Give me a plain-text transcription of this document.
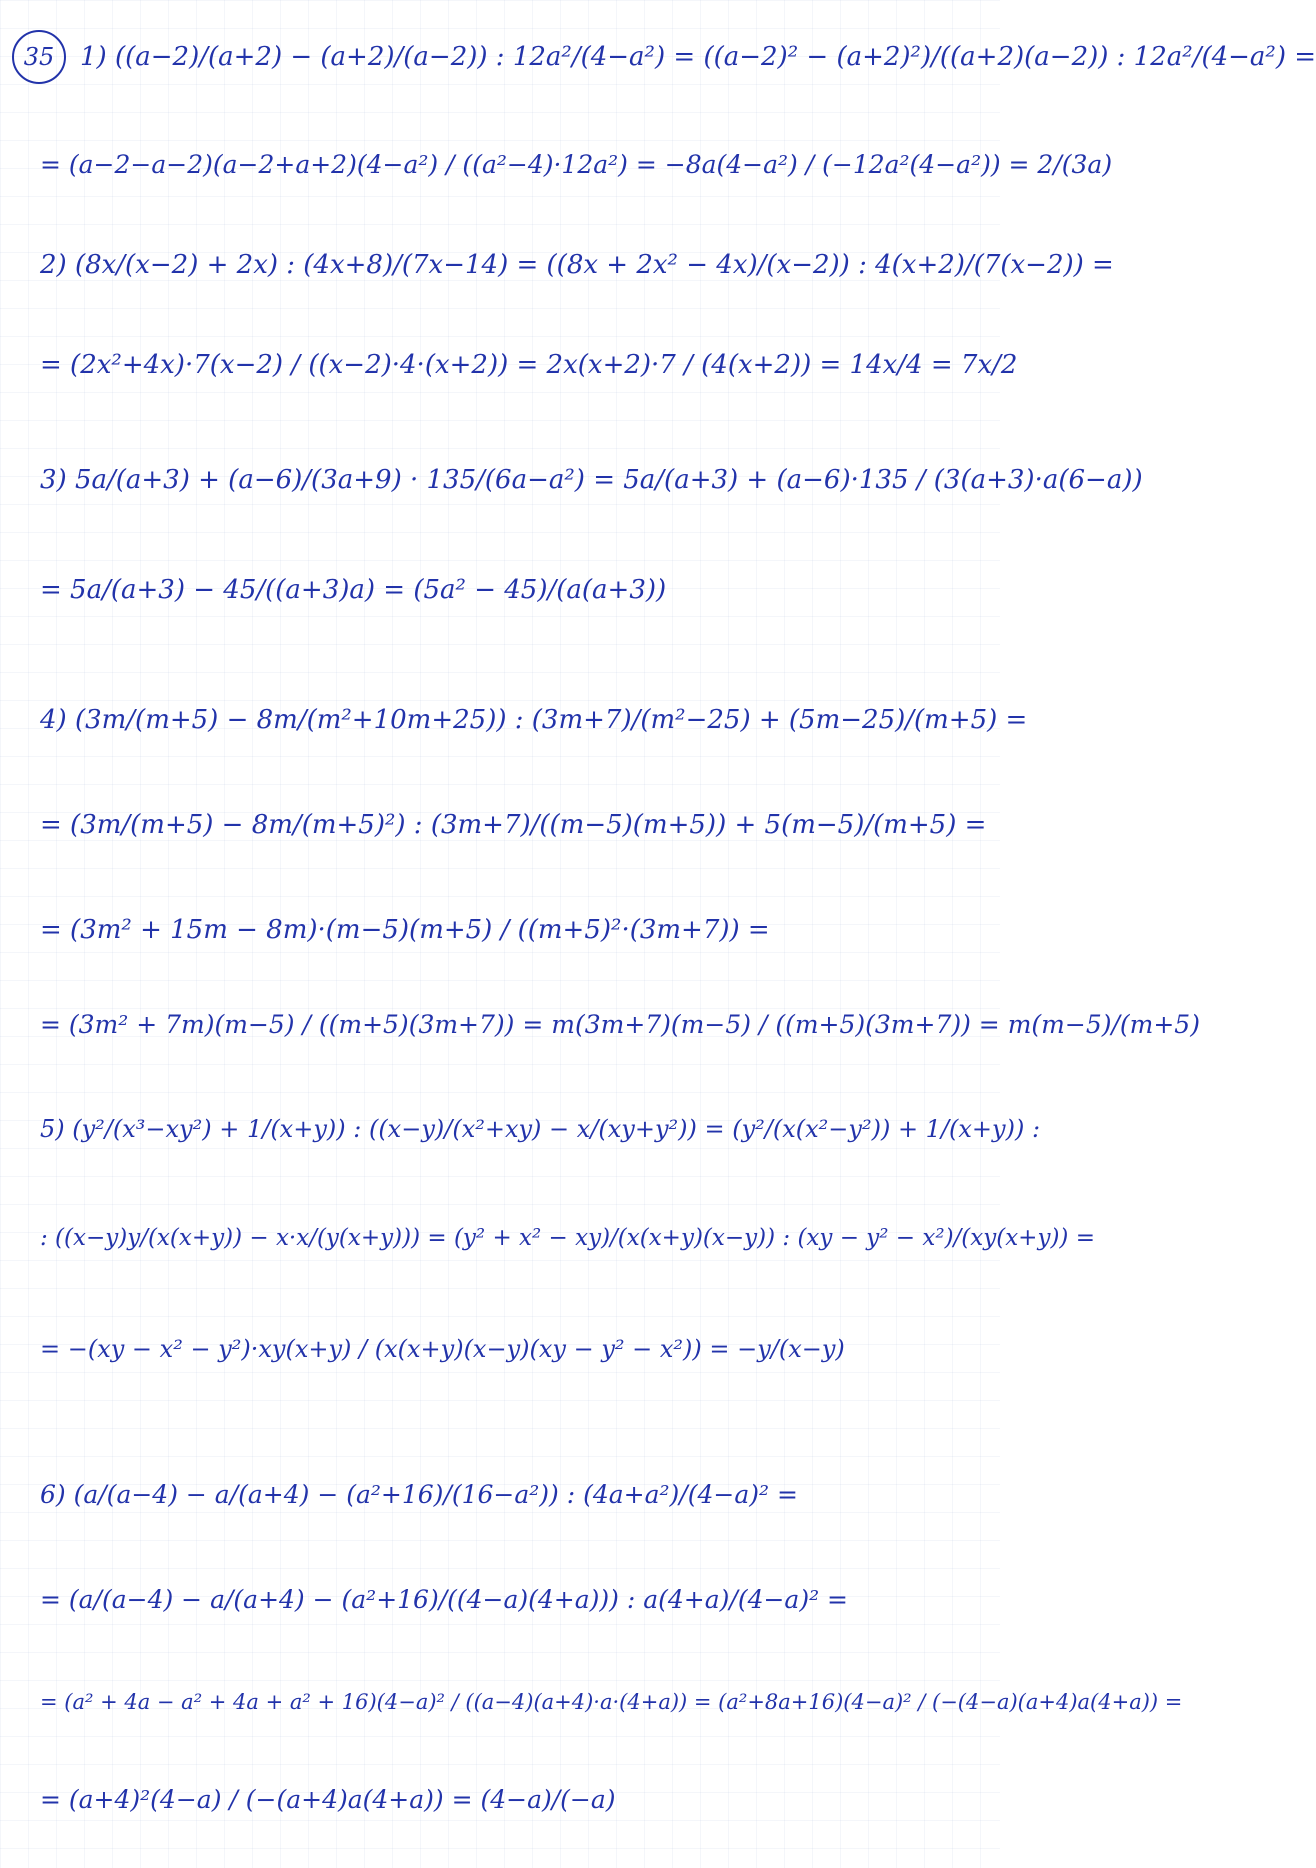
35 1) ((a−2)/(a+2) − (a+2)/(a−2)) : 12a²/(4−a²) = ((a−2)² − (a+2)²)/((a+2)(a−2)) : 12a²/(4−a²) =
= (a−2−a−2)(a−2+a+2)(4−a²) / ((a²−4)·12a²) = −8a(4−a²) / (−12a²(4−a²)) = 2/(3a)
2) (8x/(x−2) + 2x) : (4x+8)/(7x−14) = ((8x + 2x² − 4x)/(x−2)) : 4(x+2)/(7(x−2)) =
= (2x²+4x)·7(x−2) / ((x−2)·4·(x+2)) = 2x(x+2)·7 / (4(x+2)) = 14x/4 = 7x/2
3) 5a/(a+3) + (a−6)/(3a+9) · 135/(6a−a²) = 5a/(a+3) + (a−6)·135 / (3(a+3)·a(6−a))
= 5a/(a+3) − 45/((a+3)a) = (5a² − 45)/(a(a+3))
4) (3m/(m+5) − 8m/(m²+10m+25)) : (3m+7)/(m²−25) + (5m−25)/(m+5) =
= (3m/(m+5) − 8m/(m+5)²) : (3m+7)/((m−5)(m+5)) + 5(m−5)/(m+5) =
= (3m² + 15m − 8m)·(m−5)(m+5) / ((m+5)²·(3m+7)) =
= (3m² + 7m)(m−5) / ((m+5)(3m+7)) = m(3m+7)(m−5) / ((m+5)(3m+7)) = m(m−5)/(m+5)
5) (y²/(x³−xy²) + 1/(x+y)) : ((x−y)/(x²+xy) − x/(xy+y²)) = (y²/(x(x²−y²)) + 1/(x+y)) :
: ((x−y)y/(x(x+y)) − x·x/(y(x+y))) = (y² + x² − xy)/(x(x+y)(x−y)) : (xy − y² − x²)/(xy(x+y)) =
= −(xy − x² − y²)·xy(x+y) / (x(x+y)(x−y)(xy − y² − x²)) = −y/(x−y)
6) (a/(a−4) − a/(a+4) − (a²+16)/(16−a²)) : (4a+a²)/(4−a)² =
= (a/(a−4) − a/(a+4) − (a²+16)/((4−a)(4+a))) : a(4+a)/(4−a)² =
= (a² + 4a − a² + 4a + a² + 16)(4−a)² / ((a−4)(a+4)·a·(4+a)) = (a²+8a+16)(4−a)² / (−(4−a)(a+4)a(4+a)) =
= (a+4)²(4−a) / (−(a+4)a(4+a)) = (4−a)/(−a)
